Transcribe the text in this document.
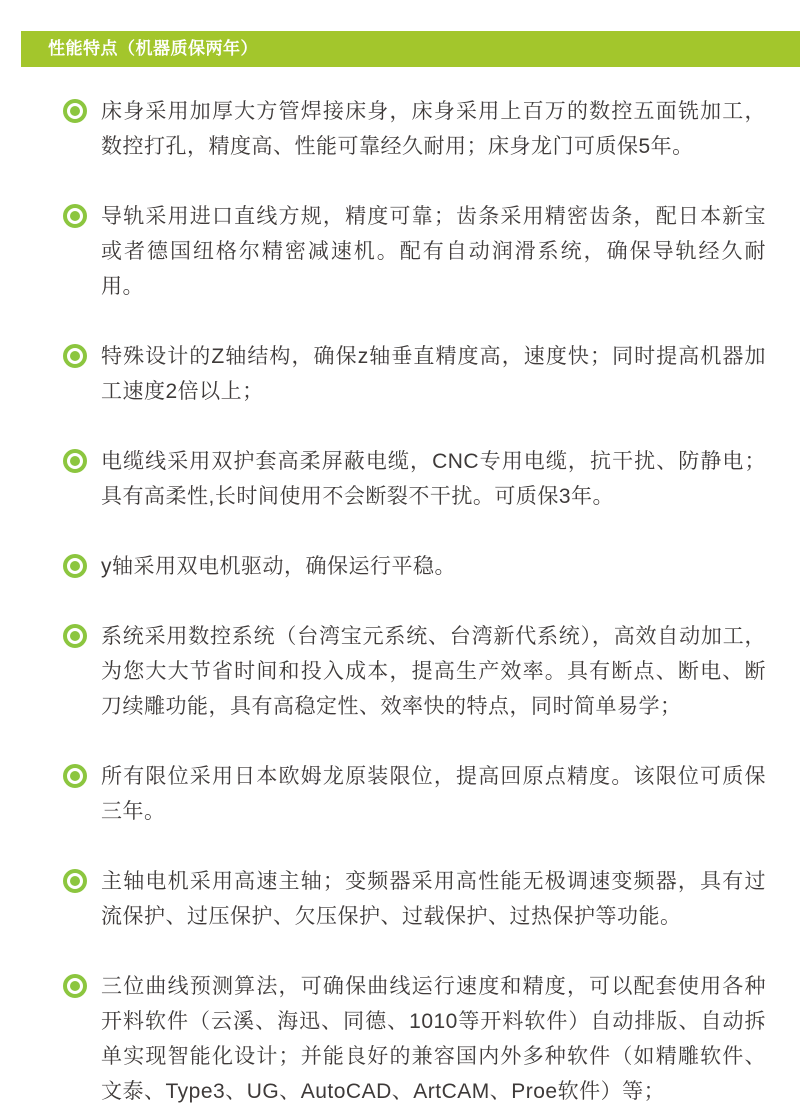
性能特点（机器质保两年）

床身采用加厚大方管焊接床身，床身采用上百万的数控五面铣加工，数控打孔，精度高、性能可靠经久耐用；床身龙门可质保5年。

导轨采用进口直线方规，精度可靠；齿条采用精密齿条，配日本新宝或者德国纽格尔精密减速机。配有自动润滑系统，确保导轨经久耐用。

特殊设计的Z轴结构，确保z轴垂直精度高，速度快；同时提高机器加工速度2倍以上；

电缆线采用双护套高柔屏蔽电缆，CNC专用电缆，抗干扰、防静电；具有高柔性,长时间使用不会断裂不干扰。可质保3年。

y轴采用双电机驱动，确保运行平稳。

系统采用数控系统（台湾宝元系统、台湾新代系统），高效自动加工，为您大大节省时间和投入成本，提高生产效率。具有断点、断电、断刀续雕功能，具有高稳定性、效率快的特点，同时简单易学；

所有限位采用日本欧姆龙原装限位，提高回原点精度。该限位可质保三年。

主轴电机采用高速主轴；变频器采用高性能无极调速变频器，具有过流保护、过压保护、欠压保护、过载保护、过热保护等功能。

三位曲线预测算法，可确保曲线运行速度和精度，可以配套使用各种开料软件（云溪、海迅、同德、1010等开料软件）自动排版、自动拆单实现智能化设计；并能良好的兼容国内外多种软件（如精雕软件、文泰、Type3、UG、AutoCAD、ArtCAM、Proe软件）等；
